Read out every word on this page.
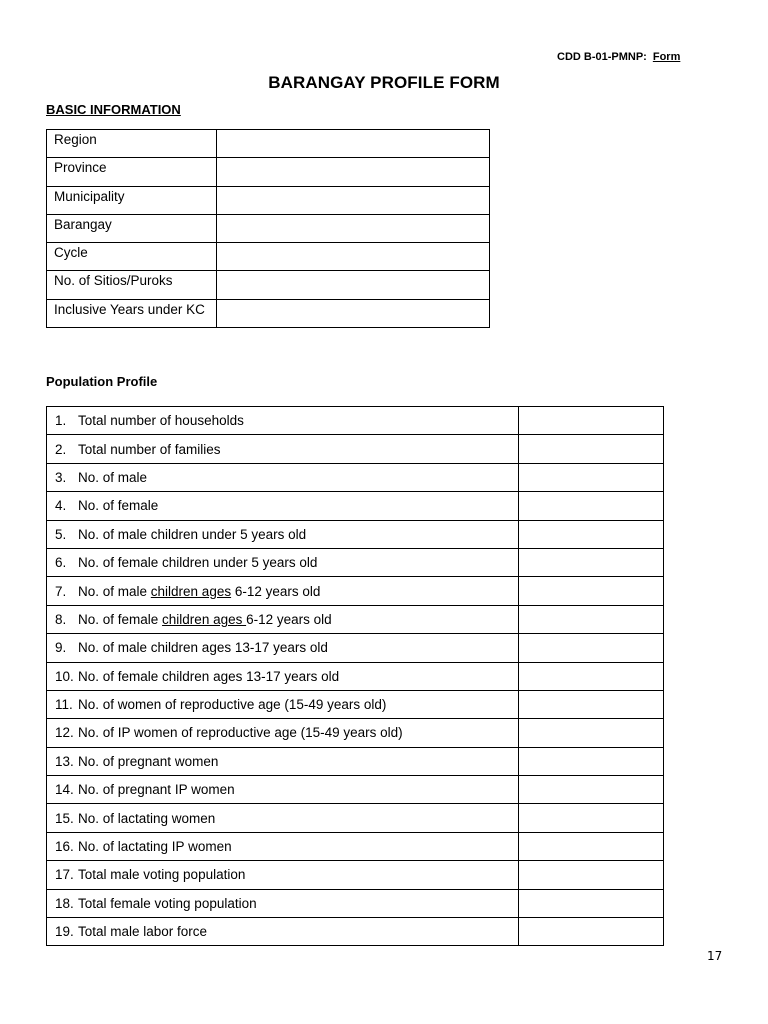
CDD B-01-PMNP: Form
BARANGAY PROFILE FORM
BASIC INFORMATION
Region	
Province	
Municipality	
Barangay	
Cycle	
No. of Sitios/Puroks	
Inclusive Years under KC	
Population Profile
1. Total number of households	
2. Total number of families	
3. No. of male	
4. No. of female	
5. No. of male children under 5 years old	
6. No. of female children under 5 years old	
7. No. of male children ages 6-12 years old	
8. No. of female children ages 6-12 years old	
9. No. of male children ages 13-17 years old	
10. No. of female children ages 13-17 years old	
11. No. of women of reproductive age (15-49 years old)	
12. No. of IP women of reproductive age (15-49 years old)	
13. No. of pregnant women	
14. No. of pregnant IP women	
15. No. of lactating women	
16. No. of lactating IP women	
17. Total male voting population	
18. Total female voting population	
19. Total male labor force	
17
